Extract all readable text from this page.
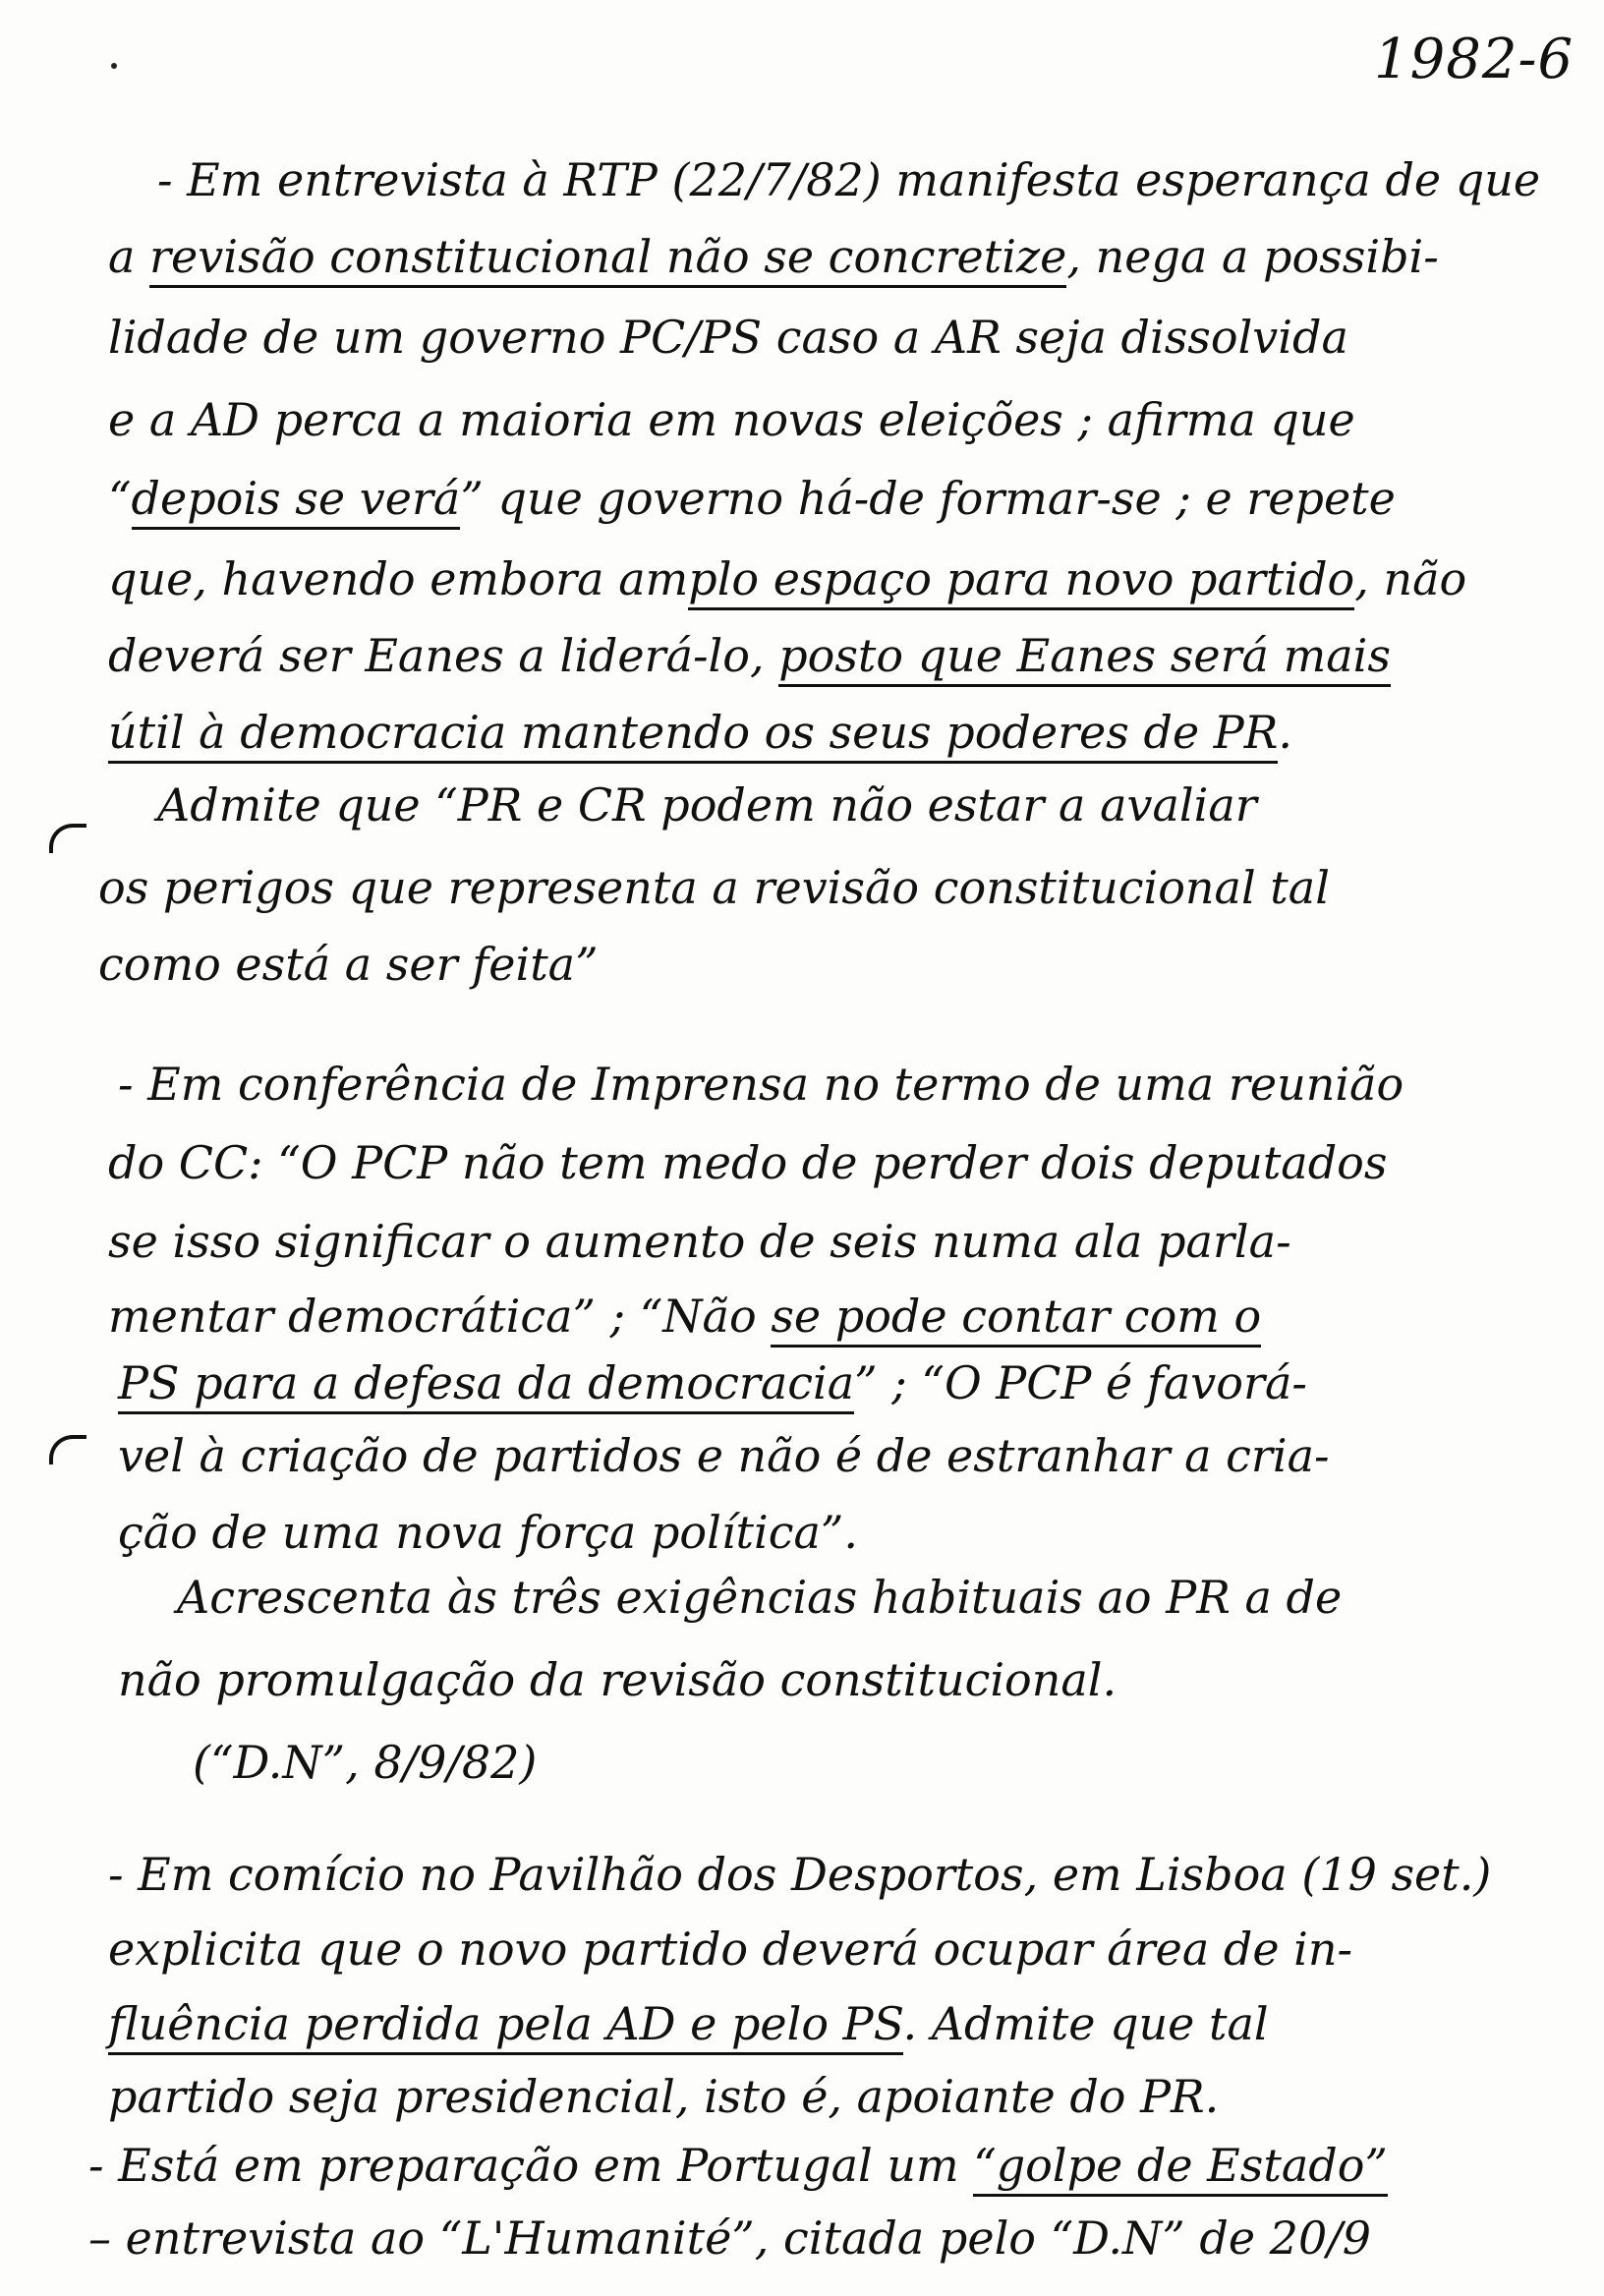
1982-6
- Em entrevista à RTP (22/7/82) manifesta esperança de que
a revisão constitucional não se concretize, nega a possibi-
lidade de um governo PC/PS caso a AR seja dissolvida
e a AD perca a maioria em novas eleições ; afirma que
“depois se verá” que governo há-de formar-se ; e repete
que, havendo embora amplo espaço para novo partido, não
deverá ser Eanes a liderá-lo, posto que Eanes será mais
útil à democracia mantendo os seus poderes de PR.
Admite que “PR e CR podem não estar a avaliar
os perigos que representa a revisão constitucional tal
como está a ser feita”
- Em conferência de Imprensa no termo de uma reunião
do CC: “O PCP não tem medo de perder dois deputados
se isso significar o aumento de seis numa ala parla-
mentar democrática” ; “Não se pode contar com o
PS para a defesa da democracia” ; “O PCP é favorá-
vel à criação de partidos e não é de estranhar a cria-
ção de uma nova força política”.
Acrescenta às três exigências habituais ao PR a de
não promulgação da revisão constitucional.
(“D.N”, 8/9/82)
- Em comício no Pavilhão dos Desportos, em Lisboa (19 set.)
explicita que o novo partido deverá ocupar área de in-
fluência perdida pela AD e pelo PS. Admite que tal
partido seja presidencial, isto é, apoiante do PR.
- Está em preparação em Portugal um “golpe de Estado”
– entrevista ao “L'Humanité”, citada pelo “D.N” de 20/9
